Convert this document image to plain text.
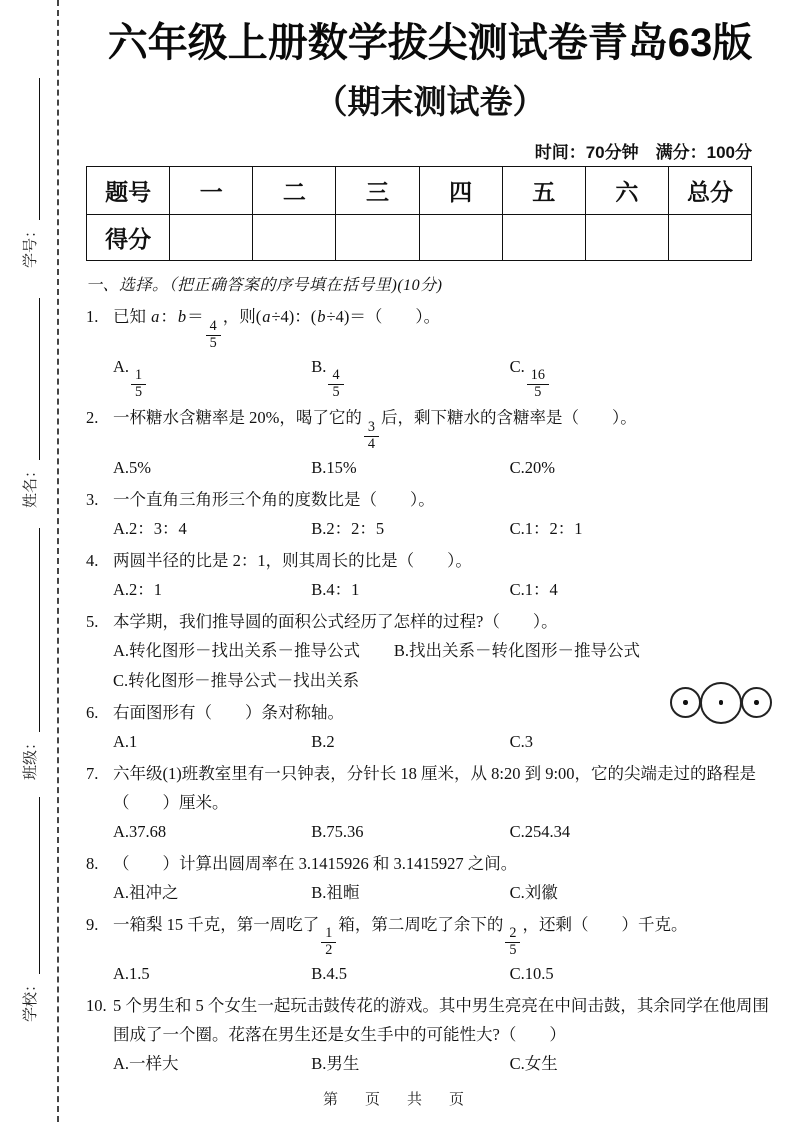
学号：
姓名：
班级：
学校：
六年级上册数学拔尖测试卷青岛63版
（期末测试卷）
时间：70分钟　满分：100分
题号	一	二	三	四	五	六	总分
得分							
一、选择。（把正确答案的序号填在括号里)(10分)
1.已知 a：b＝
$\frac{4}{5}$
，则(a÷4)：(b÷4)＝（　　）。
A.
$\frac{1}{5}$
B.
$\frac{4}{5}$
C.
$\frac{16}{5}$
2.一杯糖水含糖率是 20%，喝了它的
$\frac{3}{4}$
后，剩下糖水的含糖率是（　　）。
A.5%	B.15%	C.20%
3.一个直角三角形三个角的度数比是（　　）。
A.2：3：4	B.2：2：5	C.1：2：1
4.两圆半径的比是 2：1，则其周长的比是（　　）。
A.2：1	B.4：1	C.1：4
5.本学期，我们推导圆的面积公式经历了怎样的过程?（　　）。
A.转化图形－找出关系－推导公式	B.找出关系－转化图形－推导公式
C.转化图形－推导公式－找出关系
6.右面图形有（　　）条对称轴。
A.1	B.2	C.3
7.六年级(1)班教室里有一只钟表，分针长 18 厘米，从 8:20 到 9:00，它的尖端走过的路程是
（　　）厘米。
A.37.68	B.75.36	C.254.34
8.（　　）计算出圆周率在 3.1415926 和 3.1415927 之间。
A.祖冲之	B.祖暅	C.刘徽
9.一箱梨 15 千克，第一周吃了
$\frac{1}{2}$
箱，第二周吃了余下的
$\frac{2}{5}$
，还剩（　　）千克。
A.1.5	B.4.5	C.10.5
10.5 个男生和 5 个女生一起玩击鼓传花的游戏。其中男生亮亮在中间击鼓，其余同学在他周围
围成了一个圈。花落在男生还是女生手中的可能性大?（　　）
A.一样大	B.男生	C.女生
第　页　共　页
